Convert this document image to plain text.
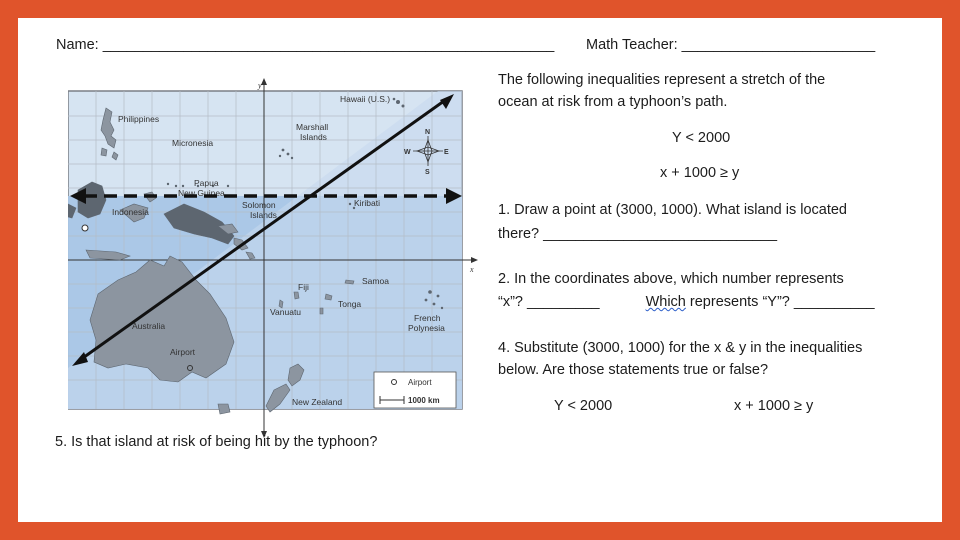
Name: ________________________________________________________ Math Teacher: ________________________
y
x
Philippines
Micronesia
Hawaii (U.S.)
Marshall
Islands
Papua
New Guinea
Indonesia
Solomon
Islands
Kiribati
Samoa
Fiji
Vanuatu
Tonga
French
Polynesia
Australia
Airport
New Zealand
N
S
E
W
Airport
1000 km
The following inequalities represent a stretch of the
ocean at risk from a typhoon’s path.
Y < 2000
x + 1000 ≥ y
1. Draw a point at (3000, 1000). What island is located
there? _____________________________
2. In the coordinates above, which number represents
“x”? _________	Which represents “Y”? __________
4. Substitute (3000, 1000) for the x & y in the inequalities
below. Are those statements true or false?
Y < 2000	x + 1000 ≥ y
5. Is that island at risk of being hit by the typhoon?
